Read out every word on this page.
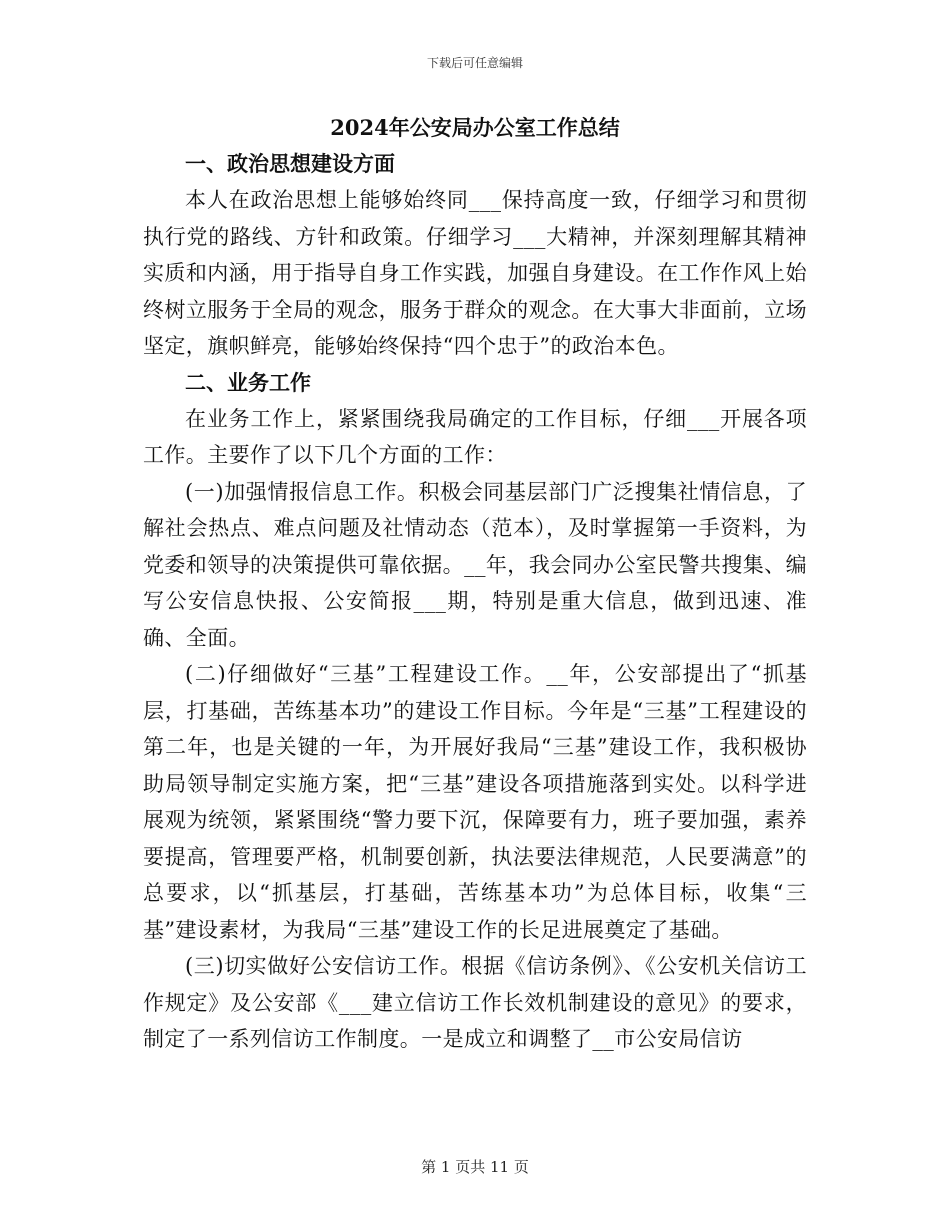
下载后可任意编辑
2024年公安局办公室工作总结
一、政治思想建设方面

本人在政治思想上能够始终同___保持高度一致，仔细学习和贯彻执行党的路线、方针和政策。仔细学习___大精神，并深刻理解其精神实质和内涵，用于指导自身工作实践，加强自身建设。在工作作风上始终树立服务于全局的观念，服务于群众的观念。在大事大非面前，立场坚定，旗帜鲜亮，能够始终保持“四个忠于”的政治本色。

二、业务工作

在业务工作上，紧紧围绕我局确定的工作目标，仔细___开展各项工作。主要作了以下几个方面的工作：

(一)加强情报信息工作。积极会同基层部门广泛搜集社情信息，了解社会热点、难点问题及社情动态（范本），及时掌握第一手资料，为党委和领导的决策提供可靠依据。__年，我会同办公室民警共搜集、编写公安信息快报、公安简报___期，特别是重大信息，做到迅速、准确、全面。

(二)仔细做好“三基”工程建设工作。__年，公安部提出了“抓基层，打基础，苦练基本功”的建设工作目标。今年是“三基”工程建设的第二年，也是关键的一年，为开展好我局“三基”建设工作，我积极协助局领导制定实施方案，把“三基”建设各项措施落到实处。以科学进展观为统领，紧紧围绕“警力要下沉，保障要有力，班子要加强，素养要提高，管理要严格，机制要创新，执法要法律规范，人民要满意”的总要求，以“抓基层，打基础，苦练基本功”为总体目标，收集“三基”建设素材，为我局“三基”建设工作的长足进展奠定了基础。

(三)切实做好公安信访工作。根据《信访条例》、《公安机关信访工作规定》及公安部《___建立信访工作长效机制建设的意见》的要求，制定了一系列信访工作制度。一是成立和调整了__市公安局信访

第 1 页共 11 页
